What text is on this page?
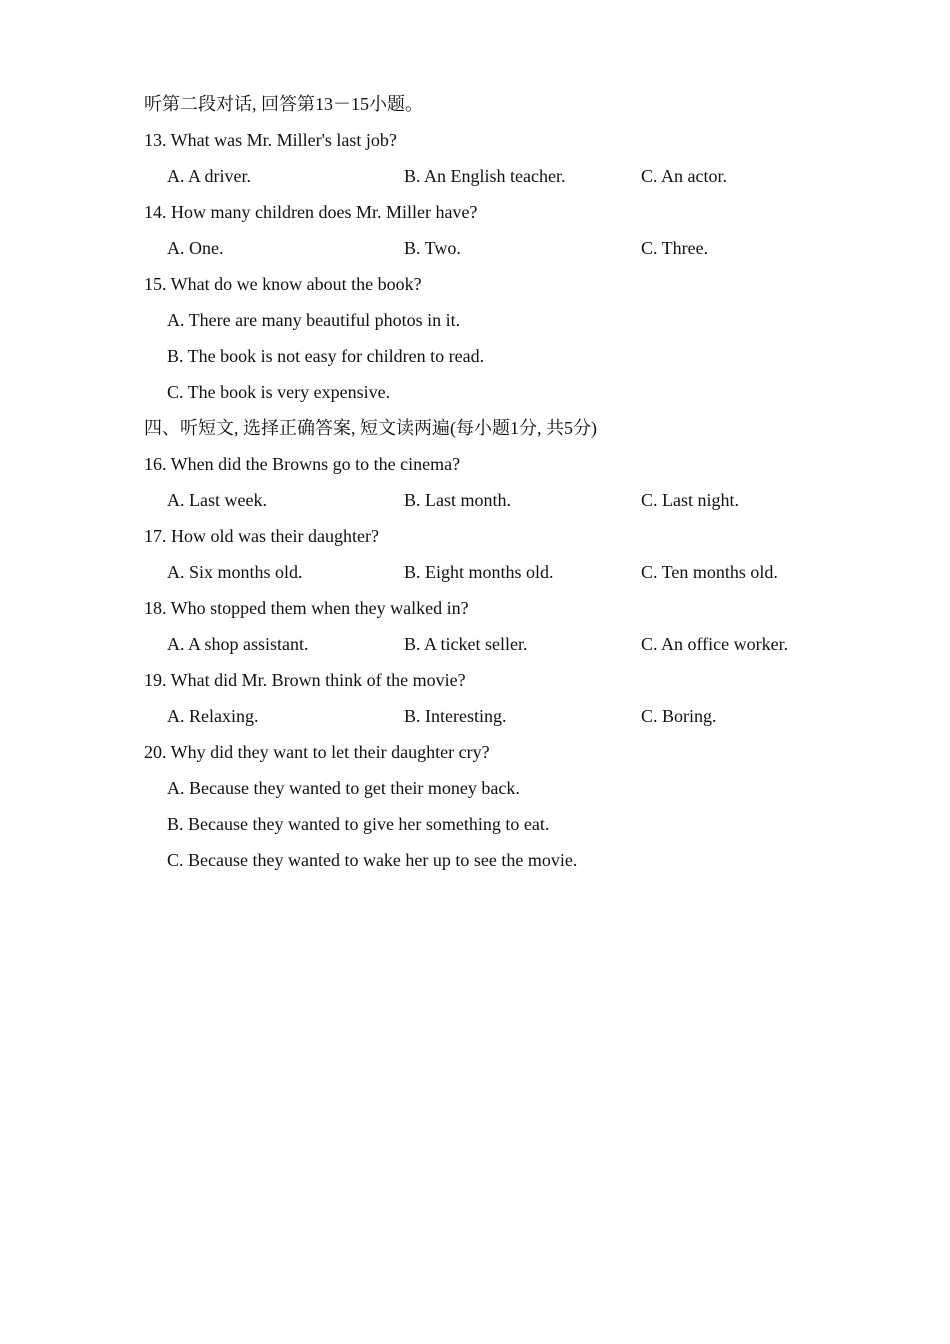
听第二段对话, 回答第13－15小题。
13. What was Mr. Miller's last job?
A. A driver.	B. An English teacher.	C. An actor.
14. How many children does Mr. Miller have?
A. One.	B. Two.	C. Three.
15. What do we know about the book?
A. There are many beautiful photos in it.
B. The book is not easy for children to read.
C. The book is very expensive.
四、听短文, 选择正确答案, 短文读两遍(每小题1分, 共5分)
16. When did the Browns go to the cinema?
A. Last week.	B. Last month.	C. Last night.
17. How old was their daughter?
A. Six months old.	B. Eight months old.	C. Ten months old.
18. Who stopped them when they walked in?
A. A shop assistant.	B. A ticket seller.	C. An office worker.
19. What did Mr. Brown think of the movie?
A. Relaxing.	B. Interesting.	C. Boring.
20. Why did they want to let their daughter cry?
A. Because they wanted to get their money back.
B. Because they wanted to give her something to eat.
C. Because they wanted to wake her up to see the movie.
